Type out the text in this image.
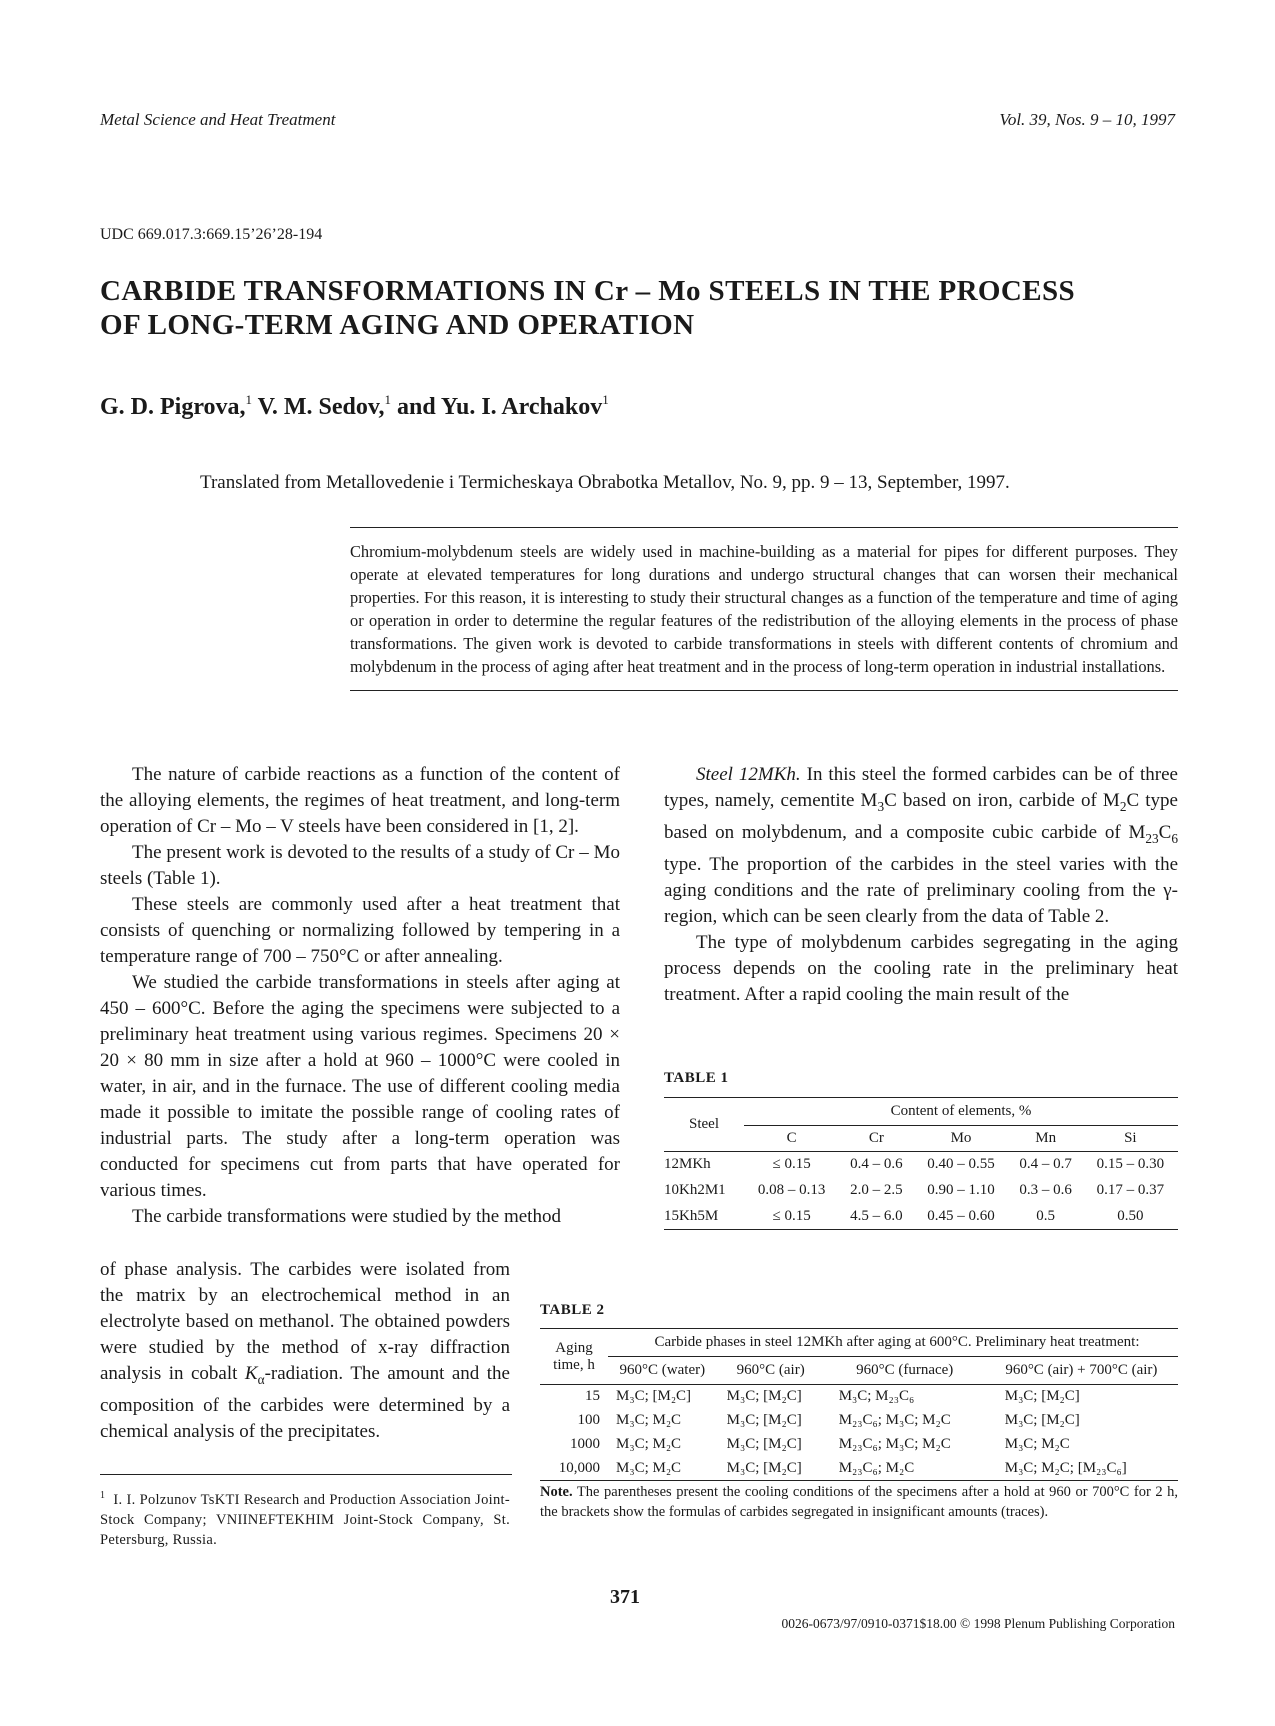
Metal Science and Heat Treatment	Vol. 39, Nos. 9 – 10, 1997
UDC 669.017.3:669.15’26’28-194
CARBIDE TRANSFORMATIONS IN Cr – Mo STEELS IN THE PROCESS
OF LONG-TERM AGING AND OPERATION
G. D. Pigrova,$^1$ V. M. Sedov,$^1$ and Yu. I. Archakov$^1$
Translated from Metallovedenie i Termicheskaya Obrabotka Metallov, No. 9, pp. 9 – 13, September, 1997.
Chromium-molybdenum steels are widely used in machine-building as a material for pipes for different purposes. They operate at elevated temperatures for long durations and undergo structural changes that can worsen their mechanical properties. For this reason, it is interesting to study their structural changes as a function of the temperature and time of aging or operation in order to determine the regular features of the redistribution of the alloying elements in the process of phase transformations. The given work is devoted to carbide transformations in steels with different contents of chromium and molybdenum in the process of aging after heat treatment and in the process of long-term operation in industrial installations.

The nature of carbide reactions as a function of the content of the alloying elements, the regimes of heat treatment, and long-term operation of Cr – Mo – V steels have been considered in [1, 2].

The present work is devoted to the results of a study of Cr – Mo steels (Table 1).

These steels are commonly used after a heat treatment that consists of quenching or normalizing followed by tempering in a temperature range of 700 – 750°C or after annealing.

We studied the carbide transformations in steels after aging at 450 – 600°C. Before the aging the specimens were subjected to a preliminary heat treatment using various regimes. Specimens 20 × 20 × 80 mm in size after a hold at 960 – 1000°C were cooled in water, in air, and in the furnace. The use of different cooling media made it possible to imitate the possible range of cooling rates of industrial parts. The study after a long-term operation was conducted for specimens cut from parts that have operated for various times.

The carbide transformations were studied by the method

of phase analysis. The carbides were isolated from the matrix by an electrochemical method in an electrolyte based on methanol. The obtained powders were studied by the method of x-ray diffraction analysis in cobalt $K_\alpha$-radiation. The amount and the composition of the carbides were determined by a chemical analysis of the precipitates.

$^1$ I. I. Polzunov TsKTI Research and Production Association Joint-Stock Company; VNIINEFTEKHIM Joint-Stock Company, St. Petersburg, Russia.

Steel 12MKh. In this steel the formed carbides can be of three types, namely, cementite $M_3C$ based on iron, carbide of $M_2C$ type based on molybdenum, and a composite cubic carbide of $M_{23}C_6$ type. The proportion of the carbides in the steel varies with the aging conditions and the rate of preliminary cooling from the γ-region, which can be seen clearly from the data of Table 2.

The type of molybdenum carbides segregating in the aging process depends on the cooling rate in the preliminary heat treatment. After a rapid cooling the main result of the

TABLE 1
Steel	Content of elements, %				
	C	Cr	Mo	Mn	Si
12MKh	≤ 0.15	0.4 – 0.6	0.40 – 0.55	0.4 – 0.7	0.15 – 0.30
10Kh2M1	0.08 – 0.13	2.0 – 2.5	0.90 – 1.10	0.3 – 0.6	0.17 – 0.37
15Kh5M	≤ 0.15	4.5 – 6.0	0.45 – 0.60	0.5	0.50
TABLE 2
Aging
time, h	Carbide phases in steel 12MKh after aging at 600°C. Preliminary heat treatment:			
	960°C (water)	960°C (air)	960°C (furnace)	960°C (air) + 700°C (air)
15	M₃C; [M₂C]	M₃C; [M₂C]	M₃C; M₂₃C₆	M₃C; [M₂C]
100	M₃C; M₂C	M₃C; [M₂C]	M₂₃C₆; M₃C; M₂C	M₃C; [M₂C]
1000	M₃C; M₂C	M₃C; [M₂C]	M₂₃C₆; M₃C; M₂C	M₃C; M₂C
10,000	M₃C; M₂C	M₃C; [M₂C]	M₂₃C₆; M₂C	M₃C; M₂C; [M₂₃C₆]
Note. The parentheses present the cooling conditions of the specimens after a hold at 960 or 700°C for 2 h, the brackets show the formulas of carbides segregated in insignificant amounts (traces).
371
0026-0673/97/0910-0371$18.00 © 1998 Plenum Publishing Corporation
